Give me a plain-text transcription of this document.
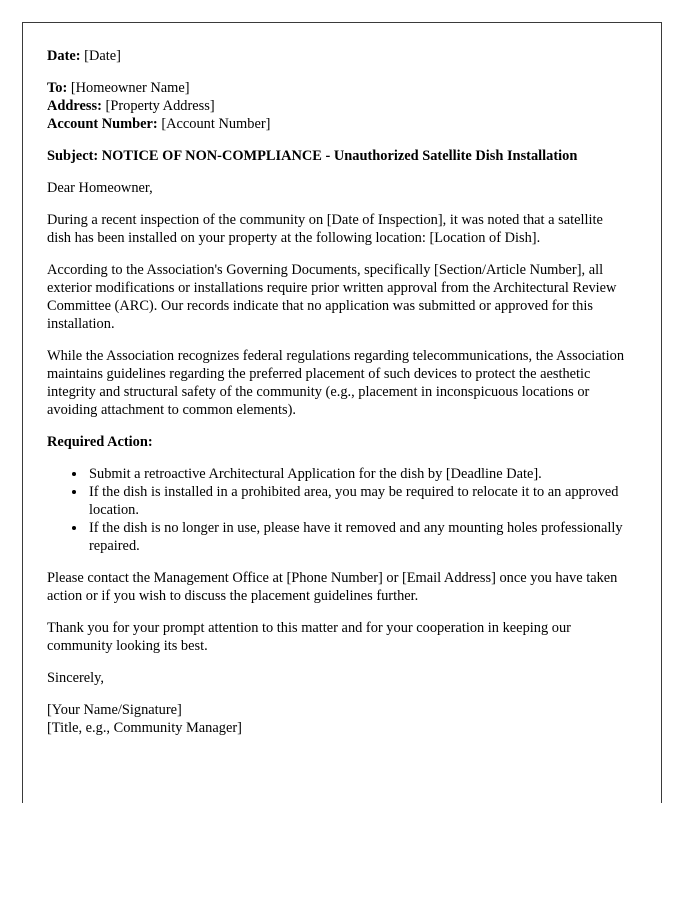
Date: [Date]

To: [Homeowner Name]

Address: [Property Address]

Account Number: [Account Number]

Subject: NOTICE OF NON-COMPLIANCE - Unauthorized Satellite Dish Installation

Dear Homeowner,

During a recent inspection of the community on [Date of Inspection], it was noted that a satellite dish has been installed on your property at the following location: [Location of Dish].

According to the Association's Governing Documents, specifically [Section/Article Number], all exterior modifications or installations require prior written approval from the Architectural Review Committee (ARC). Our records indicate that no application was submitted or approved for this installation.

While the Association recognizes federal regulations regarding telecommunications, the Association maintains guidelines regarding the preferred placement of such devices to protect the aesthetic integrity and structural safety of the community (e.g., placement in inconspicuous locations or avoiding attachment to common elements).

Required Action:

• Submit a retroactive Architectural Application for the dish by [Deadline Date].
• If the dish is installed in a prohibited area, you may be required to relocate it to an approved location.
• If the dish is no longer in use, please have it removed and any mounting holes professionally repaired.

Please contact the Management Office at [Phone Number] or [Email Address] once you have taken action or if you wish to discuss the placement guidelines further.

Thank you for your prompt attention to this matter and for your cooperation in keeping our community looking its best.

Sincerely,

[Your Name/Signature]

[Title, e.g., Community Manager]
